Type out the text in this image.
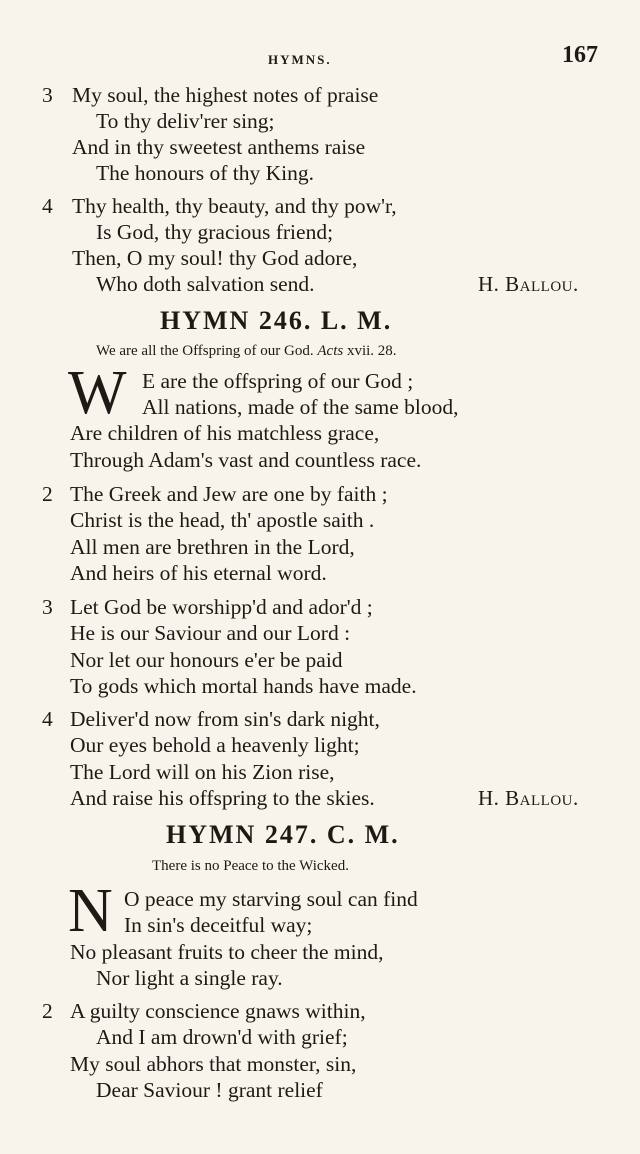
HYMNS.	167
3 My soul, the highest notes of praise
To thy deliv'rer sing;
And in thy sweetest anthems raise
The honours of thy King.
4 Thy health, thy beauty, and thy pow'r,
Is God, thy gracious friend;
Then, O my soul! thy God adore,
Who doth salvation send.	H. Ballou.
HYMN 246. L. M.
We are all the Offspring of our God. Acts xvii. 28.
W E are the offspring of our God ;
All nations, made of the same blood,
Are children of his matchless grace,
Through Adam's vast and countless race.
2 The Greek and Jew are one by faith ;
Christ is the head, th' apostle saith .
All men are brethren in the Lord,
And heirs of his eternal word.
3 Let God be worshipp'd and ador'd ;
He is our Saviour and our Lord :
Nor let our honours e'er be paid
To gods which mortal hands have made.
4 Deliver'd now from sin's dark night,
Our eyes behold a heavenly light;
The Lord will on his Zion rise,
And raise his offspring to the skies.	H. Ballou.
HYMN 247. C. M.
There is no Peace to the Wicked.
N O peace my starving soul can find
In sin's deceitful way;
No pleasant fruits to cheer the mind,
Nor light a single ray.
2 A guilty conscience gnaws within,
And I am drown'd with grief;
My soul abhors that monster, sin,
Dear Saviour ! grant relief
